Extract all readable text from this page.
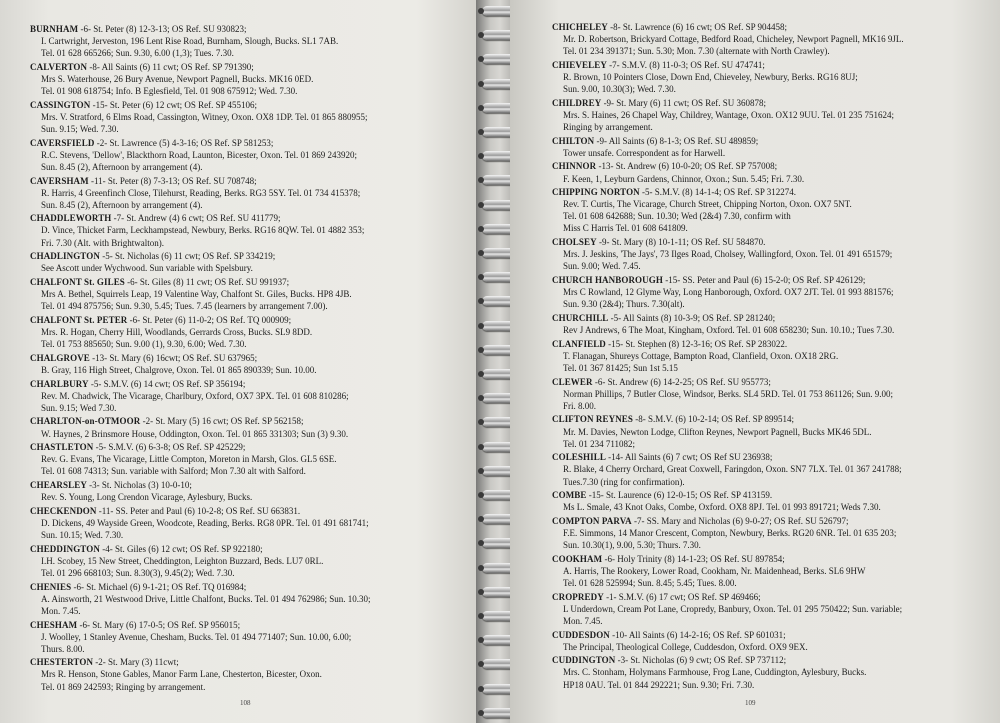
BURNHAM -6- St. Peter (8) 12-3-13; OS Ref. SU 930823;
I. Cartwright, Jerveston, 196 Lent Rise Road, Burnham, Slough, Bucks. SL1 7AB.
Tel. 01 628 665266; Sun. 9.30, 6.00 (1,3); Tues. 7.30.
CALVERTON -8- All Saints (6) 11 cwt; OS Ref. SP 791390;
Mrs S. Waterhouse, 26 Bury Avenue, Newport Pagnell, Bucks. MK16 0ED.
Tel. 01 908 618754; Info. B Eglesfield, Tel. 01 908 675912; Wed. 7.30.
CASSINGTON -15- St. Peter (6) 12 cwt; OS Ref. SP 455106;
Mrs. V. Stratford, 6 Elms Road, Cassington, Witney, Oxon. OX8 1DP. Tel. 01 865 880955;
Sun. 9.15; Wed. 7.30.
CAVERSFIELD -2- St. Lawrence (5) 4-3-16; OS Ref. SP 581253;
R.C. Stevens, 'Dellow', Blackthorn Road, Launton, Bicester, Oxon. Tel. 01 869 243920;
Sun. 8.45 (2), Afternoon by arrangement (4).
CAVERSHAM -11- St. Peter (8) 7-3-13; OS Ref. SU 708748;
R. Harris, 4 Greenfinch Close, Tilehurst, Reading, Berks. RG3 5SY. Tel. 01 734 415378;
Sun. 8.45 (2), Afternoon by arrangement (4).
CHADDLEWORTH -7- St. Andrew (4) 6 cwt; OS Ref. SU 411779;
D. Vince, Thicket Farm, Leckhampstead, Newbury, Berks. RG16 8QW. Tel. 01 4882 353;
Fri. 7.30 (Alt. with Brightwalton).
CHADLINGTON -5- St. Nicholas (6) 11 cwt; OS Ref. SP 334219;
See Ascott under Wychwood. Sun variable with Spelsbury.
CHALFONT St. GILES -6- St. Giles (8) 11 cwt; OS Ref. SU 991937;
Mrs A. Bethel, Squirrels Leap, 19 Valentine Way, Chalfont St. Giles, Bucks. HP8 4JB.
Tel. 01 494 875756; Sun. 9.30, 5.45; Tues. 7.45 (learners by arrangement 7.00).
CHALFONT St. PETER -6- St. Peter (6) 11-0-2; OS Ref. TQ 000909;
Mrs. R. Hogan, Cherry Hill, Woodlands, Gerrards Cross, Bucks. SL9 8DD.
Tel. 01 753 885650; Sun. 9.00 (1), 9.30, 6.00; Wed. 7.30.
CHALGROVE -13- St. Mary (6) 16cwt; OS Ref. SU 637965;
B. Gray, 116 High Street, Chalgrove, Oxon. Tel. 01 865 890339; Sun. 10.00.
CHARLBURY -5- S.M.V. (6) 14 cwt; OS Ref. SP 356194;
Rev. M. Chadwick, The Vicarage, Charlbury, Oxford, OX7 3PX. Tel. 01 608 810286;
Sun. 9.15; Wed 7.30.
CHARLTON-on-OTMOOR -2- St. Mary (5) 16 cwt; OS Ref. SP 562158;
W. Haynes, 2 Brinsmore House, Oddington, Oxon. Tel. 01 865 331303; Sun (3) 9.30.
CHASTLETON -5- S.M.V. (6) 6-3-8; OS Ref. SP 425229;
Rev. G. Evans, The Vicarage, Little Compton, Moreton in Marsh, Glos. GL5 6SE.
Tel. 01 608 74313; Sun. variable with Salford; Mon 7.30 alt with Salford.
CHEARSLEY -3- St. Nicholas (3) 10-0-10;
Rev. S. Young, Long Crendon Vicarage, Aylesbury, Bucks.
CHECKENDON -11- SS. Peter and Paul (6) 10-2-8; OS Ref. SU 663831.
D. Dickens, 49 Wayside Green, Woodcote, Reading, Berks. RG8 0PR. Tel. 01 491 681741;
Sun. 10.15; Wed. 7.30.
CHEDDINGTON -4- St. Giles (6) 12 cwt; OS Ref. SP 922180;
I.H. Scobey, 15 New Street, Cheddington, Leighton Buzzard, Beds. LU7 0RL.
Tel. 01 296 668103; Sun. 8.30(3), 9.45(2); Wed. 7.30.
CHENIES -6- St. Michael (6) 9-1-21; OS Ref. TQ 016984;
A. Ainsworth, 21 Westwood Drive, Little Chalfont, Bucks. Tel. 01 494 762986; Sun. 10.30;
Mon. 7.45.
CHESHAM -6- St. Mary (6) 17-0-5; OS Ref. SP 956015;
J. Woolley, 1 Stanley Avenue, Chesham, Bucks. Tel. 01 494 771407; Sun. 10.00, 6.00;
Thurs. 8.00.
CHESTERTON -2- St. Mary (3) 11cwt;
Mrs R. Henson, Stone Gables, Manor Farm Lane, Chesterton, Bicester, Oxon.
Tel. 01 869 242593; Ringing by arrangement.
108
CHICHELEY -8- St. Lawrence (6) 16 cwt; OS Ref. SP 904458;
Mr. D. Robertson, Brickyard Cottage, Bedford Road, Chicheley, Newport Pagnell, MK16 9JL.
Tel. 01 234 391371; Sun. 5.30; Mon. 7.30 (alternate with North Crawley).
CHIEVELEY -7- S.M.V. (8) 11-0-3; OS Ref. SU 474741;
R. Brown, 10 Pointers Close, Down End, Chieveley, Newbury, Berks. RG16 8UJ;
Sun. 9.00, 10.30(3); Wed. 7.30.
CHILDREY -9- St. Mary (6) 11 cwt; OS Ref. SU 360878;
Mrs. S. Haines, 26 Chapel Way, Childrey, Wantage, Oxon. OX12 9UU. Tel. 01 235 751624;
Ringing by arrangement.
CHILTON -9- All Saints (6) 8-1-3; OS Ref. SU 489859;
Tower unsafe. Correspondent as for Harwell.
CHINNOR -13- St. Andrew (6) 10-0-20; OS Ref. SP 757008;
F. Keen, 1, Leyburn Gardens, Chinnor, Oxon.; Sun. 5.45; Fri. 7.30.
CHIPPING NORTON -5- S.M.V. (8) 14-1-4; OS Ref. SP 312274.
Rev. T. Curtis, The Vicarage, Church Street, Chipping Norton, Oxon. OX7 5NT.
Tel. 01 608 642688; Sun. 10.30; Wed (2&4) 7.30, confirm with
Miss C Harris Tel. 01 608 641809.
CHOLSEY -9- St. Mary (8) 10-1-11; OS Ref. SU 584870.
Mrs. J. Jeskins, 'The Jays', 73 Ilges Road, Cholsey, Wallingford, Oxon. Tel. 01 491 651579;
Sun. 9.00; Wed. 7.45.
CHURCH HANBOROUGH -15- SS. Peter and Paul (6) 15-2-0; OS Ref. SP 426129;
Mrs C Rowland, 12 Glyme Way, Long Hanborough, Oxford. OX7 2JT. Tel. 01 993 881576;
Sun. 9.30 (2&4); Thurs. 7.30(alt).
CHURCHILL -5- All Saints (8) 10-3-9; OS Ref. SP 281240;
Rev J Andrews, 6 The Moat, Kingham, Oxford. Tel. 01 608 658230; Sun. 10.10.; Tues 7.30.
CLANFIELD -15- St. Stephen (8) 12-3-16; OS Ref. SP 283022.
T. Flanagan, Shureys Cottage, Bampton Road, Clanfield, Oxon. OX18 2RG.
Tel. 01 367 81425; Sun 1st 5.15
CLEWER -6- St. Andrew (6) 14-2-25; OS Ref. SU 955773;
Norman Phillips, 7 Butler Close, Windsor, Berks. SL4 5RD. Tel. 01 753 861126; Sun. 9.00;
Fri. 8.00.
CLIFTON REYNES -8- S.M.V. (6) 10-2-14; OS Ref. SP 899514;
Mr. M. Davies, Newton Lodge, Clifton Reynes, Newport Pagnell, Bucks MK46 5DL.
Tel. 01 234 711082;
COLESHILL -14- All Saints (6) 7 cwt; OS Ref SU 236938;
R. Blake, 4 Cherry Orchard, Great Coxwell, Faringdon, Oxon. SN7 7LX. Tel. 01 367 241788;
Tues.7.30 (ring for confirmation).
COMBE -15- St. Laurence (6) 12-0-15; OS Ref. SP 413159.
Ms L. Smale, 43 Knot Oaks, Combe, Oxford. OX8 8PJ. Tel. 01 993 891721; Weds 7.30.
COMPTON PARVA -7- SS. Mary and Nicholas (6) 9-0-27; OS Ref. SU 526797;
F.E. Simmons, 14 Manor Crescent, Compton, Newbury, Berks. RG20 6NR. Tel. 01 635 203;
Sun. 10.30(1), 9.00, 5.30; Thurs. 7.30.
COOKHAM -6- Holy Trinity (8) 14-1-23; OS Ref. SU 897854;
A. Harris, The Rookery, Lower Road, Cookham, Nr. Maidenhead, Berks. SL6 9HW
Tel. 01 628 525994; Sun. 8.45; 5.45; Tues. 8.00.
CROPREDY -1- S.M.V. (6) 17 cwt; OS Ref. SP 469466;
L Underdown, Cream Pot Lane, Cropredy, Banbury, Oxon. Tel. 01 295 750422; Sun. variable;
Mon. 7.45.
CUDDESDON -10- All Saints (6) 14-2-16; OS Ref. SP 601031;
The Principal, Theological College, Cuddesdon, Oxford. OX9 9EX.
CUDDINGTON -3- St. Nicholas (6) 9 cwt; OS Ref. SP 737112;
Mrs. C. Stonham, Holymans Farmhouse, Frog Lane, Cuddington, Aylesbury, Bucks.
HP18 0AU. Tel. 01 844 292221; Sun. 9.30; Fri. 7.30.
109
